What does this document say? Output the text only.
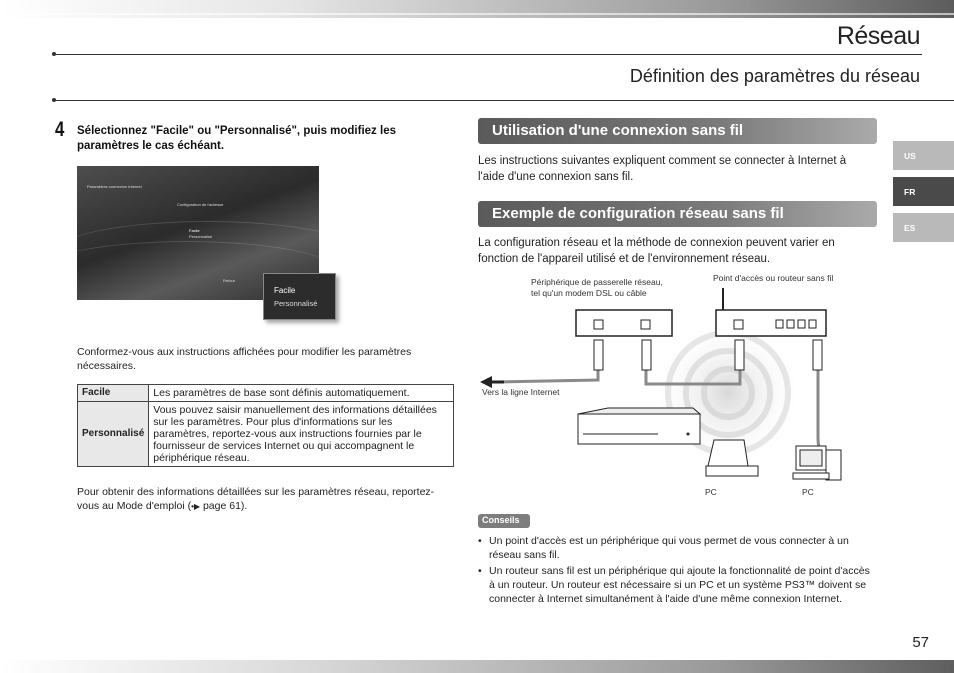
Réseau
Définition des paramètres du réseau
4 Sélectionnez "Facile" ou "Personnalisé", puis modifiez les paramètres le cas échéant.
Paramètres connexion Internet
Configuration de l'adresse
Facile
Personnalisé
Retour
Facile
Personnalisé
Conformez-vous aux instructions affichées pour modifier les paramètres nécessaires.
Facile	Les paramètres de base sont définis automatiquement.
Personnalisé	Vous pouvez saisir manuellement des informations détaillées sur les paramètres. Pour plus d'informations sur les paramètres, reportez-vous aux instructions fournies par le fournisseur de services Internet ou qui accompagnent le périphérique réseau.
Pour obtenir des informations détaillées sur les paramètres réseau, reportez-vous au Mode d'emploi (•▶ page 61).
Utilisation d'une connexion sans fil
Les instructions suivantes expliquent comment se connecter à Internet à l'aide d'une connexion sans fil.
Exemple de configuration réseau sans fil
La configuration réseau et la méthode de connexion peuvent varier en fonction de l'appareil utilisé et de l'environnement réseau.
Périphérique de passerelle réseau,
tel qu'un modem DSL ou câble
Point d'accès ou routeur sans fil
Vers la ligne Internet
PC	PC
Conseils
• Un point d'accès est un périphérique qui vous permet de vous connecter à un réseau sans fil.
• Un routeur sans fil est un périphérique qui ajoute la fonctionnalité de point d'accès à un routeur. Un routeur est nécessaire si un PC et un système PS3™ doivent se connecter à Internet simultanément à l'aide d'une même connexion Internet.
US
FR
ES
57
